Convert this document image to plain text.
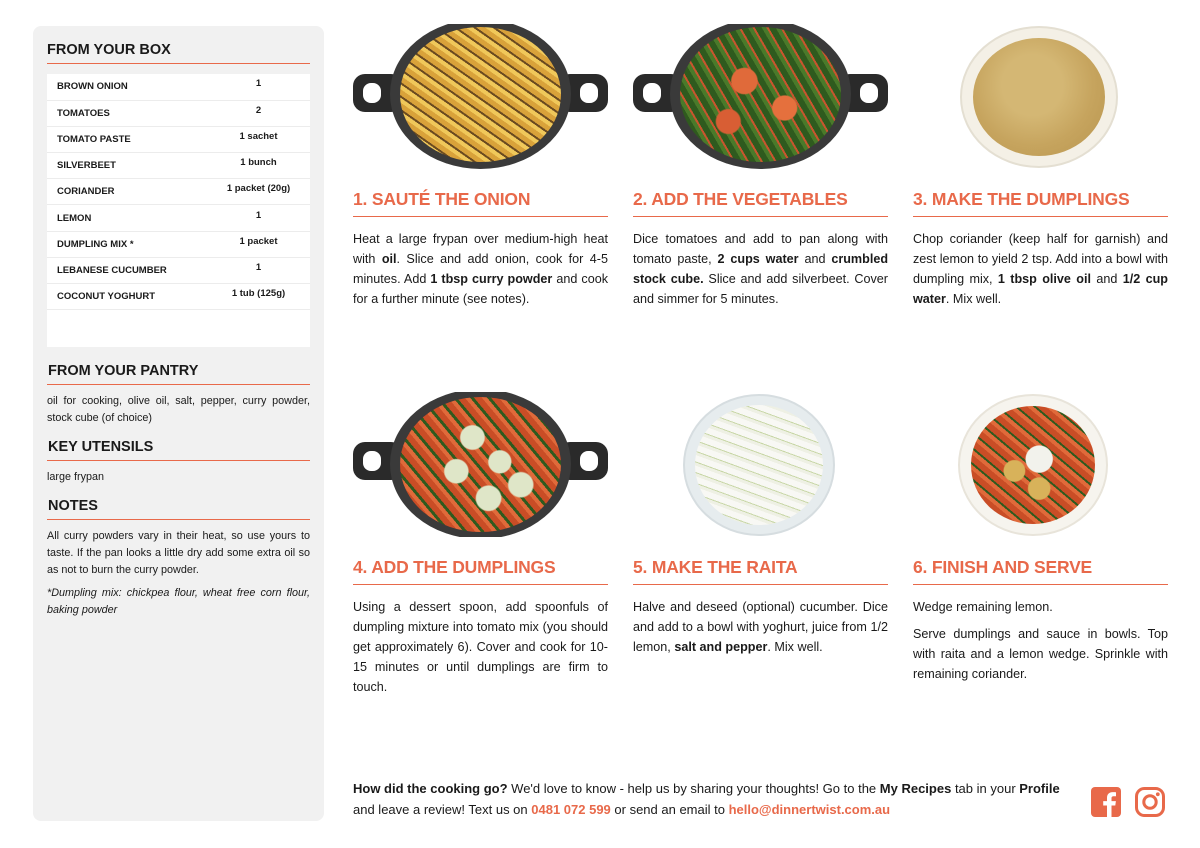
FROM YOUR BOX
BROWN ONION	1
TOMATOES	2
TOMATO PASTE	1 sachet
SILVERBEET	1 bunch
CORIANDER	1 packet (20g)
LEMON	1
DUMPLING MIX *	1 packet
LEBANESE CUCUMBER	1
COCONUT YOGHURT	1 tub (125g)

FROM YOUR PANTRY

oil for cooking, olive oil, salt, pepper, curry powder, stock cube (of choice)

KEY UTENSILS

large frypan

NOTES

All curry powders vary in their heat, so use yours to taste. If the pan looks a little dry add some extra oil so as not to burn the curry powder.

*Dumpling mix: chickpea flour, wheat free corn flour, baking powder

1. SAUTÉ THE ONION

Heat a large frypan over medium-high heat with oil. Slice and add onion, cook for 4-5 minutes. Add 1 tbsp curry powder and cook for a further minute (see notes).

2. ADD THE VEGETABLES

Dice tomatoes and add to pan along with tomato paste, 2 cups water and crumbled stock cube. Slice and add silverbeet. Cover and simmer for 5 minutes.

3. MAKE THE DUMPLINGS

Chop coriander (keep half for garnish) and zest lemon to yield 2 tsp. Add into a bowl with dumpling mix, 1 tbsp olive oil and 1/2 cup water. Mix well.

4. ADD THE DUMPLINGS

Using a dessert spoon, add spoonfuls of dumpling mixture into tomato mix (you should get approximately 6). Cover and cook for 10-15 minutes or until dumplings are firm to touch.

5. MAKE THE RAITA

Halve and deseed (optional) cucumber. Dice and add to a bowl with yoghurt, juice from 1/2 lemon, salt and pepper. Mix well.

6. FINISH AND SERVE

Wedge remaining lemon.

Serve dumplings and sauce in bowls. Top with raita and a lemon wedge. Sprinkle with remaining coriander.

How did the cooking go? We'd love to know - help us by sharing your thoughts! Go to the My Recipes tab in your Profile and leave a review! Text us on 0481 072 599 or send an email to hello@dinnertwist.com.au
